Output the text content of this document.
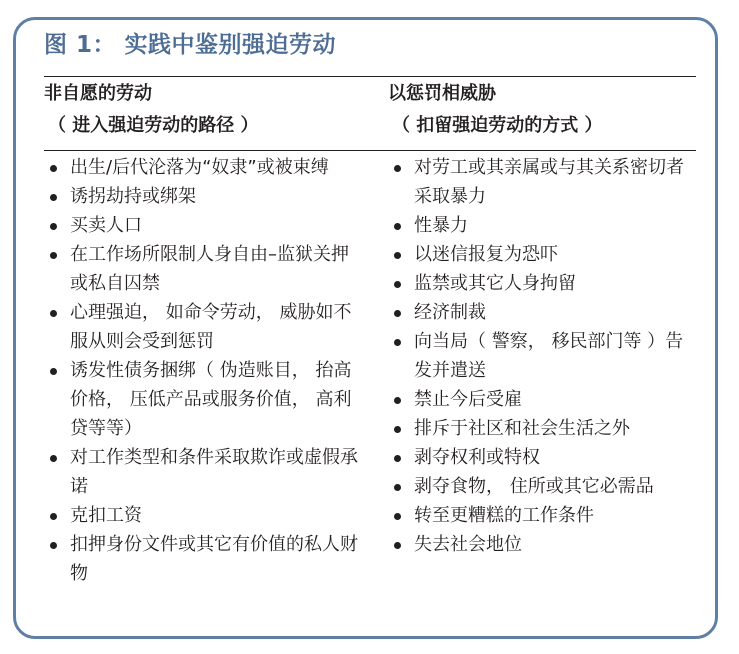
图 1： 实践中鉴别强迫劳动
非自愿的劳动
（ 进入强迫劳动的路径 ）
以惩罚相威胁
（ 扣留强迫劳动的方式 ）
出生/后代沦落为“奴隶”或被束缚
诱拐劫持或绑架
买卖人口
在工作场所限制人身自由–监狱关押或私自囚禁
心理强迫， 如命令劳动， 威胁如不服从则会受到惩罚
诱发性债务捆绑（ 伪造账目， 抬高价格， 压低产品或服务价值， 高利贷等等）
对工作类型和条件采取欺诈或虚假承诺
克扣工资
扣押身份文件或其它有价值的私人财物
对劳工或其亲属或与其关系密切者采取暴力
性暴力
以迷信报复为恐吓
监禁或其它人身拘留
经济制裁
向当局（ 警察， 移民部门等 ）告发并遣送
禁止今后受雇
排斥于社区和社会生活之外
剥夺权利或特权
剥夺食物， 住所或其它必需品
转至更糟糕的工作条件
失去社会地位
